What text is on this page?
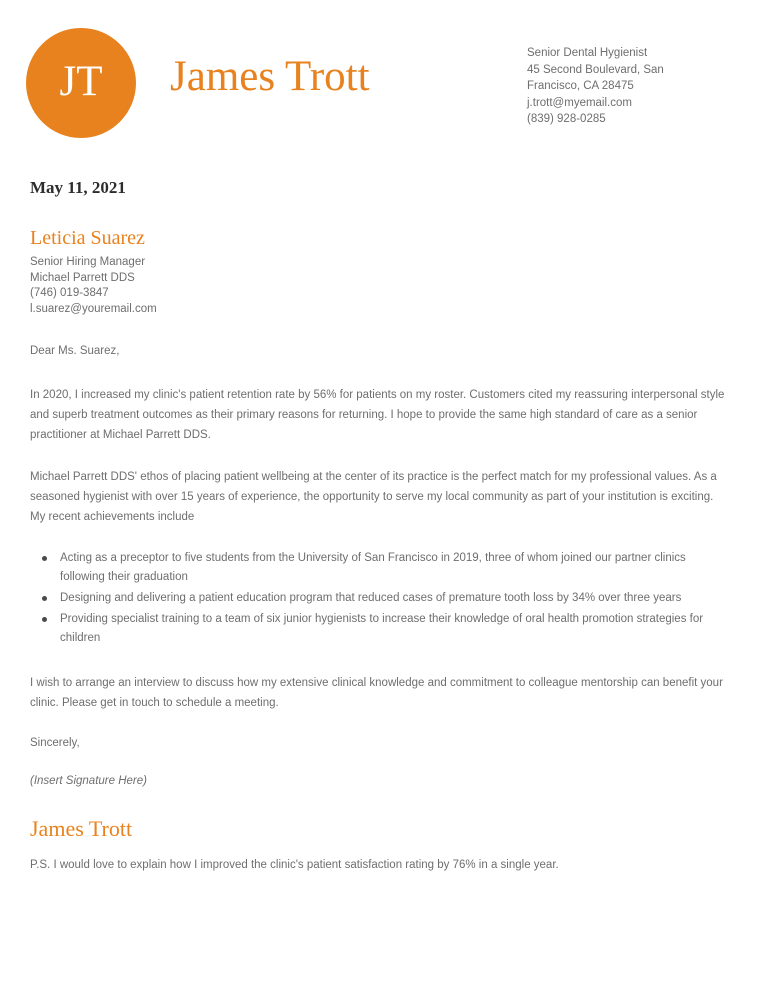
JT James Trott	Senior Dental Hygienist
45 Second Boulevard, San
Francisco, CA 28475
j.trott@myemail.com
(839) 928-0285
May 11, 2021
Leticia Suarez
Senior Hiring Manager
Michael Parrett DDS
(746) 019-3847
l.suarez@youremail.com
Dear Ms. Suarez,

In 2020, I increased my clinic's patient retention rate by 56% for patients on my roster. Customers cited my reassuring interpersonal style and superb treatment outcomes as their primary reasons for returning. I hope to provide the same high standard of care as a senior practitioner at Michael Parrett DDS.

Michael Parrett DDS' ethos of placing patient wellbeing at the center of its practice is the perfect match for my professional values. As a seasoned hygienist with over 15 years of experience, the opportunity to serve my local community as part of your institution is exciting. My recent achievements include

Acting as a preceptor to five students from the University of San Francisco in 2019, three of whom joined our partner clinics following their graduation
Designing and delivering a patient education program that reduced cases of premature tooth loss by 34% over three years
Providing specialist training to a team of six junior hygienists to increase their knowledge of oral health promotion strategies for children

I wish to arrange an interview to discuss how my extensive clinical knowledge and commitment to colleague mentorship can benefit your clinic. Please get in touch to schedule a meeting.

Sincerely,
(Insert Signature Here)
James Trott
P.S. I would love to explain how I improved the clinic's patient satisfaction rating by 76% in a single year.
